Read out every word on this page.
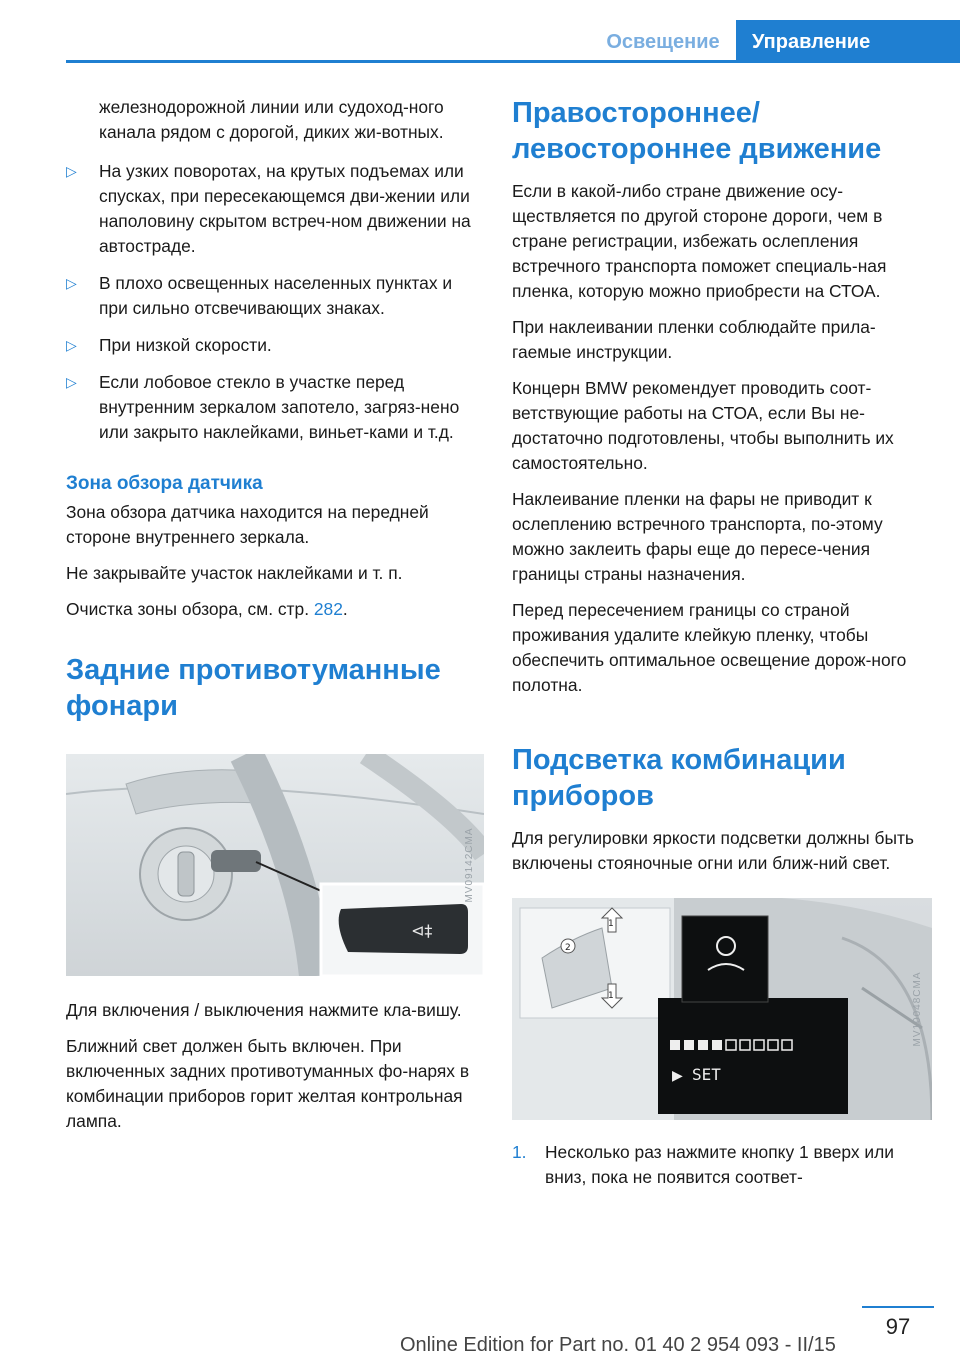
Освещение	Управление
железнодорожной линии или судоход-ного канала рядом с дорогой, диких жи-вотных.
▷ На узких поворотах, на крутых подъемах или спусках, при пересекающемся дви-жении или наполовину скрытом встреч-ном движении на автостраде.
▷ В плохо освещенных населенных пунктах и при сильно отсвечивающих знаках.
▷ При низкой скорости.
▷ Если лобовое стекло в участке перед внутренним зеркалом запотело, загряз-нено или закрыто наклейками, виньет-ками и т.д.
Зона обзора датчика

Зона обзора датчика находится на передней стороне внутреннего зеркала.

Не закрывайте участок наклейками и т. п.

Очистка зоны обзора, см. стр. 282.

Задние противотуманные фонари
⊲‡
MV09142CMA

Для включения / выключения нажмите кла-вишу.

Ближний свет должен быть включен. При включенных задних противотуманных фо-нарях в комбинации приборов горит желтая контрольная лампа.

Правостороннее/ левостороннее движение

Если в какой-либо стране движение осу-ществляется по другой стороне дороги, чем в стране регистрации, избежать ослепления встречного транспорта поможет специаль-ная пленка, которую можно приобрести на СТОА.

При наклеивании пленки соблюдайте прила-гаемые инструкции.

Концерн BMW рекомендует проводить соот-ветствующие работы на СТОА, если Вы не-достаточно подготовлены, чтобы выполнить их самостоятельно.

Наклеивание пленки на фары не приводит к ослеплению встречного транспорта, по-этому можно заклеить фары еще до пересе-чения границы страны назначения.

Перед пересечением границы со страной проживания удалите клейкую пленку, чтобы обеспечить оптимальное освещение дорож-ного полотна.

Подсветка комбинации приборов

Для регулировки яркости подсветки должны быть включены стояночные огни или ближ-ний свет.

2
1
1
▶ SET
MV10048CMA
1. Несколько раз нажмите кнопку 1 вверх или вниз, пока не появится соответ-
97
Online Edition for Part no. 01 40 2 954 093 - II/15
